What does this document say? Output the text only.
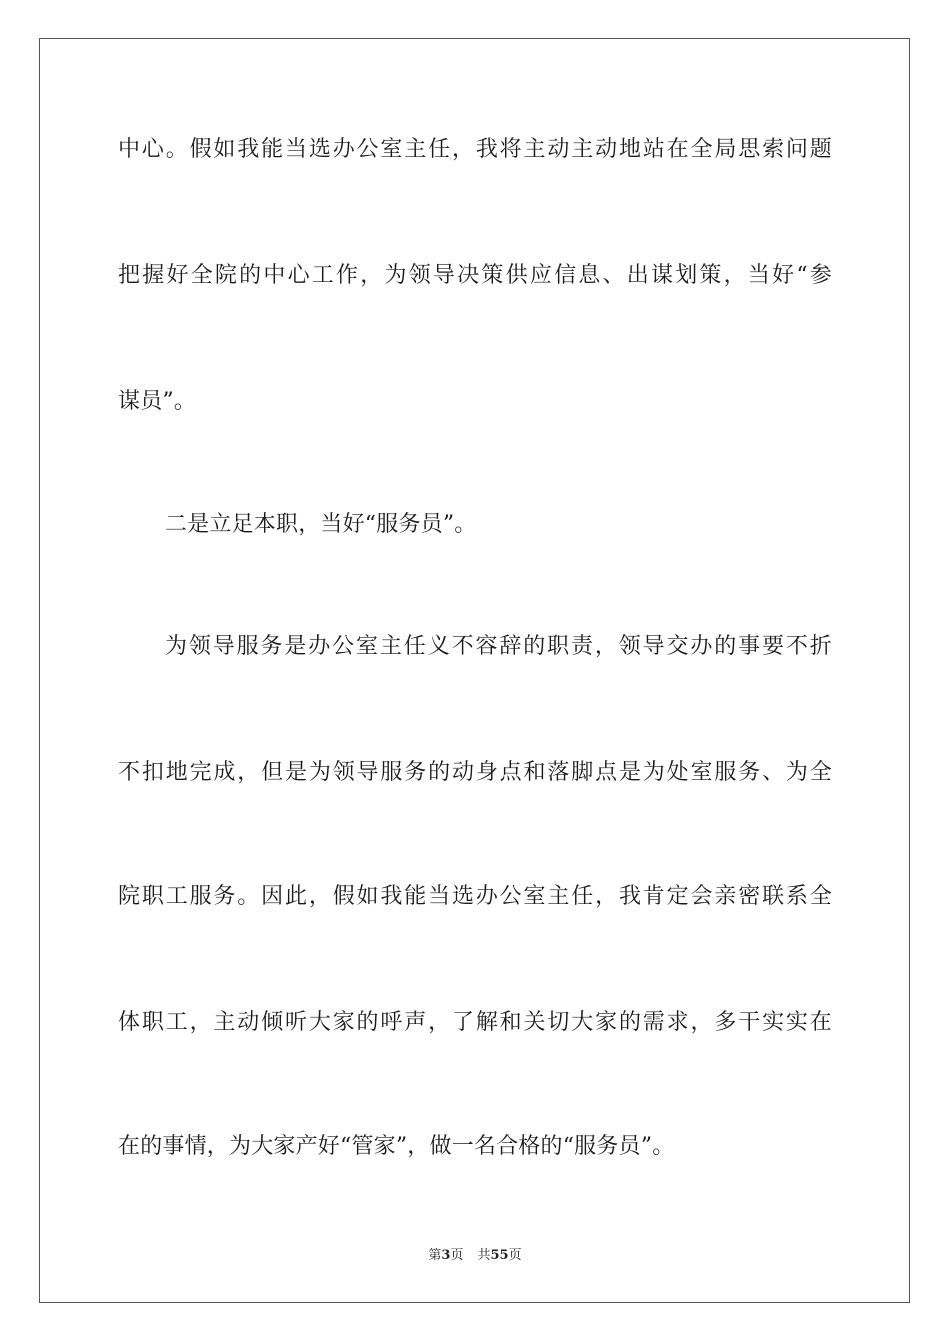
中心。假如我能当选办公室主任，我将主动主动地站在全局思索问题
把握好全院的中心工作，为领导决策供应信息、出谋划策，当好“参
谋员”。
二是立足本职，当好“服务员”。
为领导服务是办公室主任义不容辞的职责，领导交办的事要不折
不扣地完成，但是为领导服务的动身点和落脚点是为处室服务、为全
院职工服务。因此，假如我能当选办公室主任，我肯定会亲密联系全
体职工，主动倾听大家的呼声，了解和关切大家的需求，多干实实在
在的事情，为大家产好“管家”，做一名合格的“服务员”。
第3页 共55页
